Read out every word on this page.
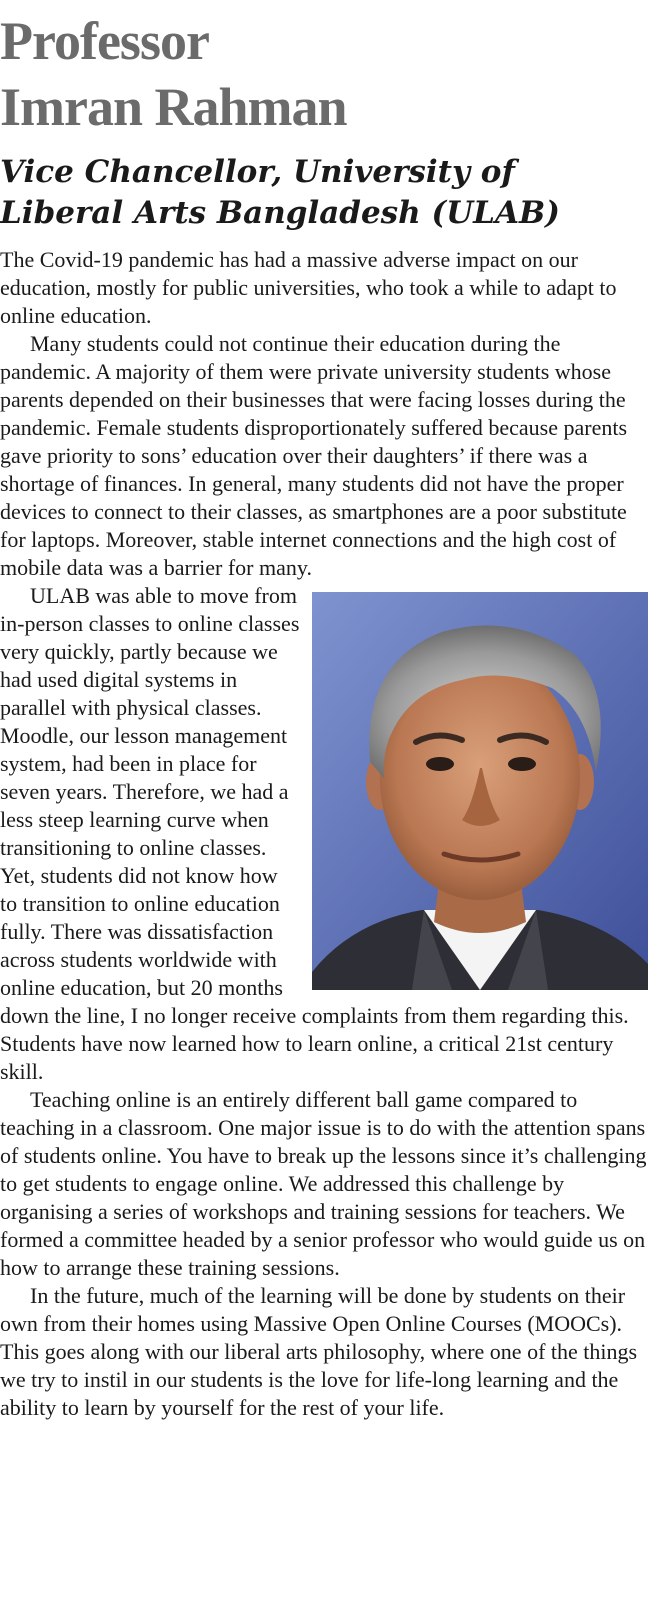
Professor
Imran Rahman
Vice Chancellor, University of
Liberal Arts Bangladesh (ULAB)

The Covid-19 pandemic has had a massive adverse impact on our education, mostly for public universities, who took a while to adapt to online education.

Many students could not continue their education during the pandemic. A majority of them were private university students whose parents depended on their businesses that were facing losses during the pandemic. Female students disproportionately suffered because parents gave priority to sons’ education over their daughters’ if there was a shortage of finances. In general, many students did not have the proper devices to connect to their classes, as smartphones are a poor substitute for laptops. Moreover, stable internet connections and the high cost of mobile data was a barrier for many.

ULAB was able to move from in-person classes to online classes very quickly, partly because we had used digital systems in parallel with physical classes. Moodle, our lesson management system, had been in place for seven years. Therefore, we had a less steep learning curve when transitioning to online classes. Yet, students did not know how to transition to online education fully. There was dissatisfaction across students worldwide with online education, but 20 months down the line, I no longer receive complaints from them regarding this. Students have now learned how to learn online, a critical 21st century skill.

Teaching online is an entirely different ball game compared to teaching in a classroom. One major issue is to do with the attention spans of students online. You have to break up the lessons since it’s challenging to get students to engage online. We addressed this challenge by organising a series of workshops and training sessions for teachers. We formed a committee headed by a senior professor who would guide us on how to arrange these training sessions.

In the future, much of the learning will be done by students on their own from their homes using Massive Open Online Courses (MOOCs). This goes along with our liberal arts philosophy, where one of the things we try to instil in our students is the love for life-long learning and the ability to learn by yourself for the rest of your life.
